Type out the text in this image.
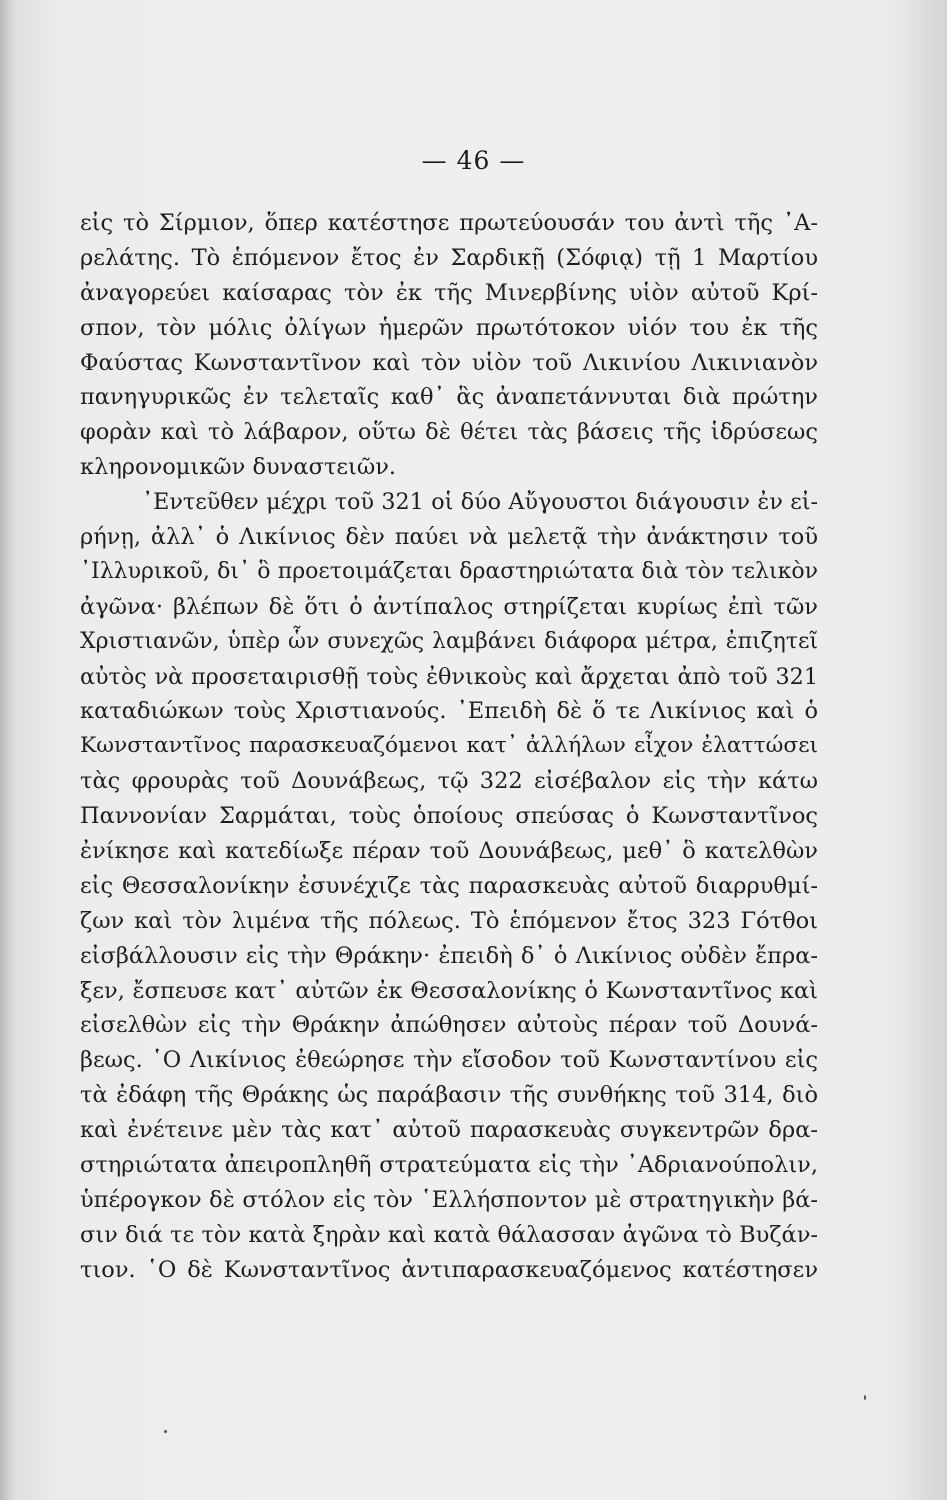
— 46 —
εἰς τὸ Σίρμιον, ὅπερ κατέστησε πρωτεύουσάν του ἀντὶ τῆς ᾿Α-
ρελάτης. Τὸ ἑπόμενον ἔτος ἐν Σαρδικῇ (Σόφιᾳ) τῇ 1 Μαρτίου
ἀναγορεύει καίσαρας τὸν ἐκ τῆς Μινερβίνης υἱὸν αὐτοῦ Κρί-
σπον, τὸν μόλις ὀλίγων ἡμερῶν πρωτότοκον υἱόν του ἐκ τῆς
Φαύστας Κωνσταντῖνον καὶ τὸν υἱὸν τοῦ Λικινίου Λικινιανὸν
πανηγυρικῶς ἐν τελεταῖς καθ᾿ ἃς ἀναπετάννυται διὰ πρώτην
φορὰν καὶ τὸ λάβαρον, οὕτω δὲ θέτει τὰς βάσεις τῆς ἱδρύσεως
κληρονομικῶν δυναστειῶν.
᾿Εντεῦθεν μέχρι τοῦ 321 οἱ δύο Αὔγουστοι διάγουσιν ἐν εἰ-
ρήνῃ, ἀλλ᾿ ὁ Λικίνιος δὲν παύει νὰ μελετᾷ τὴν ἀνάκτησιν τοῦ
᾿Ιλλυρικοῦ, δι᾿ ὃ προετοιμάζεται δραστηριώτατα διὰ τὸν τελικὸν
ἀγῶνα· βλέπων δὲ ὅτι ὁ ἀντίπαλος στηρίζεται κυρίως ἐπὶ τῶν
Χριστιανῶν, ὑπὲρ ὧν συνεχῶς λαμβάνει διάφορα μέτρα, ἐπιζητεῖ
αὐτὸς νὰ προσεταιρισθῇ τοὺς ἐθνικοὺς καὶ ἄρχεται ἀπὸ τοῦ 321
καταδιώκων τοὺς Χριστιανούς. ᾿Επειδὴ δὲ ὅ τε Λικίνιος καὶ ὁ
Κωνσταντῖνος παρασκευαζόμενοι κατ᾿ ἀλλήλων εἶχον ἐλαττώσει
τὰς φρουρὰς τοῦ Δουνάβεως, τῷ 322 εἰσέβαλον εἰς τὴν κάτω
Παννονίαν Σαρμάται, τοὺς ὁποίους σπεύσας ὁ Κωνσταντῖνος
ἐνίκησε καὶ κατεδίωξε πέραν τοῦ Δουνάβεως, μεθ᾿ ὃ κατελθὼν
εἰς Θεσσαλονίκην ἐσυνέχιζε τὰς παρασκευὰς αὐτοῦ διαρρυθμί-
ζων καὶ τὸν λιμένα τῆς πόλεως. Τὸ ἑπόμενον ἔτος 323 Γότθοι
εἰσβάλλουσιν εἰς τὴν Θράκην· ἐπειδὴ δ᾿ ὁ Λικίνιος οὐδὲν ἔπρα-
ξεν, ἔσπευσε κατ᾿ αὐτῶν ἐκ Θεσσαλονίκης ὁ Κωνσταντῖνος καὶ
εἰσελθὼν εἰς τὴν Θράκην ἀπώθησεν αὐτοὺς πέραν τοῦ Δουνά-
βεως. ῾Ο Λικίνιος ἐθεώρησε τὴν εἴσοδον τοῦ Κωνσταντίνου εἰς
τὰ ἐδάφη τῆς Θράκης ὡς παράβασιν τῆς συνθήκης τοῦ 314, διὸ
καὶ ἐνέτεινε μὲν τὰς κατ᾿ αὐτοῦ παρασκευὰς συγκεντρῶν δρα-
στηριώτατα ἀπειροπληθῆ στρατεύματα εἰς τὴν ᾿Αδριανούπολιν,
ὑπέρογκον δὲ στόλον εἰς τὸν ῾Ελλήσποντον μὲ στρατηγικὴν βά-
σιν διά τε τὸν κατὰ ξηρὰν καὶ κατὰ θάλασσαν ἀγῶνα τὸ Βυζάν-
τιον. ῾Ο δὲ Κωνσταντῖνος ἀντιπαρασκευαζόμενος κατέστησεν
